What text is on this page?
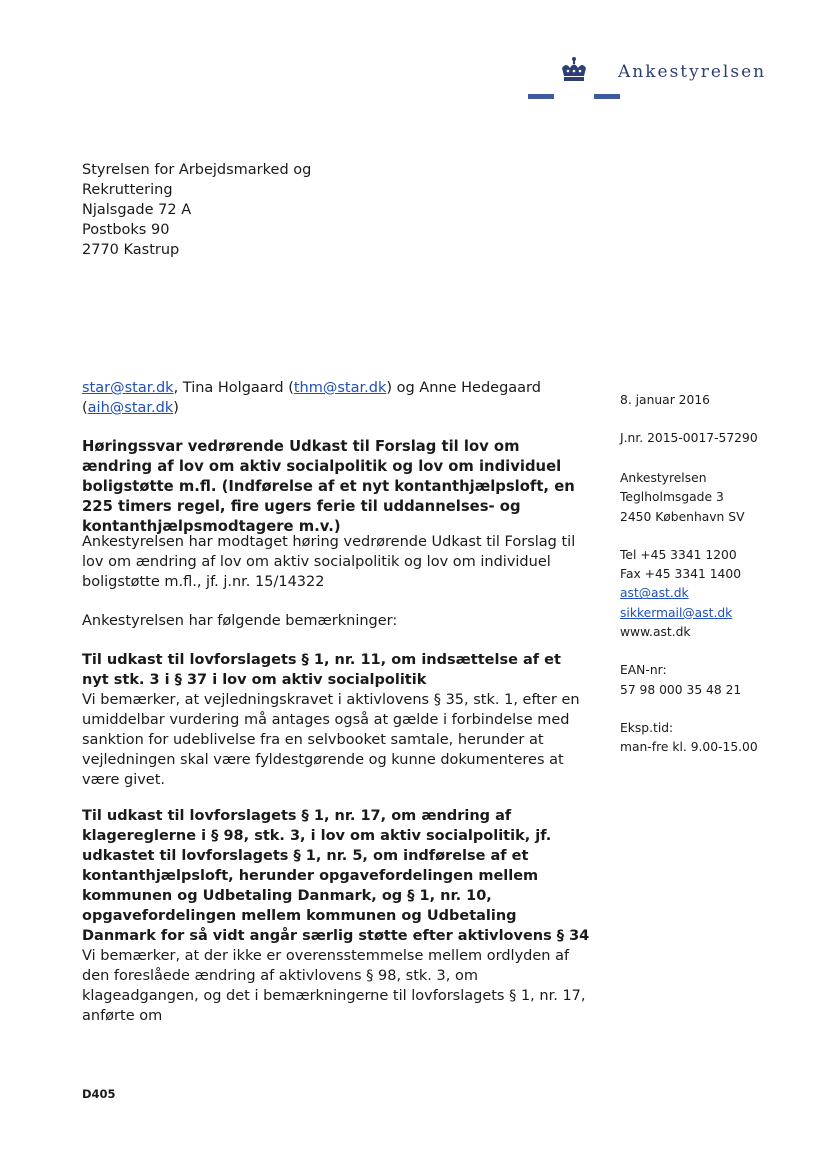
Ankestyrelsen
Styrelsen for Arbejdsmarked og
Rekruttering
Njalsgade 72 A
Postboks 90
2770 Kastrup
star@star.dk, Tina Holgaard (thm@star.dk) og Anne Hedegaard
(aih@star.dk)
Høringssvar vedrørende Udkast til Forslag til lov om ændring af lov om aktiv socialpolitik og lov om individuel boligstøtte m.fl. (Indførelse af et nyt kontanthjælpsloft, en 225 timers regel, fire ugers ferie til uddannelses- og kontanthjælpsmodtagere m.v.)
Ankestyrelsen har modtaget høring vedrørende Udkast til Forslag til lov om ændring af lov om aktiv socialpolitik og lov om individuel boligstøtte m.fl., jf. j.nr. 15/14322
Ankestyrelsen har følgende bemærkninger:
Til udkast til lovforslagets § 1, nr. 11, om indsættelse af et nyt stk. 3 i § 37 i lov om aktiv socialpolitik
Vi bemærker, at vejledningskravet i aktivlovens § 35, stk. 1, efter en umiddelbar vurdering må antages også at gælde i forbindelse med sanktion for udeblivelse fra en selvbooket samtale, herunder at vejledningen skal være fyldestgørende og kunne dokumenteres at være givet.
Til udkast til lovforslagets § 1, nr. 17, om ændring af klagereglerne i § 98, stk. 3, i lov om aktiv socialpolitik, jf. udkastet til lovforslagets § 1, nr. 5, om indførelse af et kontanthjælpsloft, herunder opgavefordelingen mellem kommunen og Udbetaling Danmark, og § 1, nr. 10, opgavefordelingen mellem kommunen og Udbetaling Danmark for så vidt angår særlig støtte efter aktivlovens § 34
Vi bemærker, at der ikke er overensstemmelse mellem ordlyden af den foreslåede ændring af aktivlovens § 98, stk. 3, om klageadgangen, og det i bemærkningerne til lovforslagets § 1, nr. 17, anførte om
8. januar 2016
J.nr. 2015-0017-57290
Ankestyrelsen
Teglholmsgade 3
2450 København SV
Tel +45 3341 1200
Fax +45 3341 1400
ast@ast.dk
sikkermail@ast.dk
www.ast.dk
EAN-nr:
57 98 000 35 48 21
Eksp.tid:
man-fre kl. 9.00-15.00
D405
